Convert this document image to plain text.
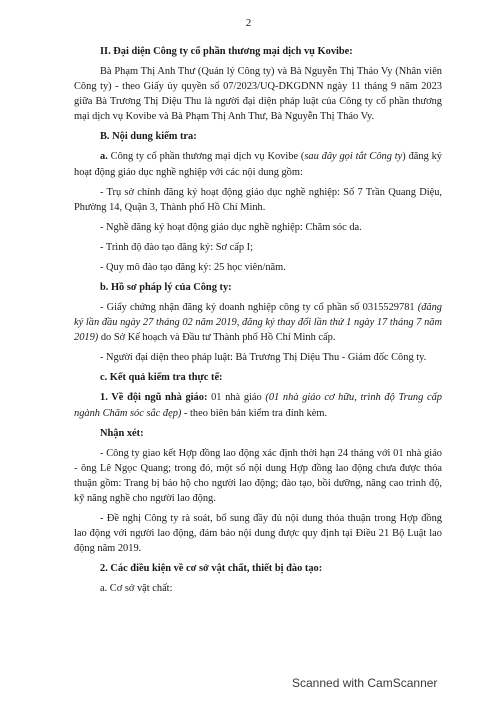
2

II. Đại diện Công ty cổ phần thương mại dịch vụ Kovibe:

Bà Phạm Thị Anh Thư (Quản lý Công ty) và Bà Nguyễn Thị Thảo Vy (Nhân viên Công ty) - theo Giấy ủy quyền số 07/2023/UQ-DKGDNN ngày 11 tháng 9 năm 2023 giữa Bà Trương Thị Diệu Thu là người đại diện pháp luật của Công ty cổ phần thương mại dịch vụ Kovibe và Bà Phạm Thị Anh Thư, Bà Nguyễn Thị Thảo Vy.

B. Nội dung kiểm tra:

a. Công ty cổ phần thương mại dịch vụ Kovibe (sau đây gọi tắt Công ty) đăng ký hoạt động giáo dục nghề nghiệp với các nội dung gồm:

- Trụ sở chính đăng ký hoạt động giáo dục nghề nghiệp: Số 7 Trần Quang Diệu, Phường 14, Quận 3, Thành phố Hồ Chí Minh.

- Nghề đăng ký hoạt động giáo dục nghề nghiệp: Chăm sóc da.

- Trình độ đào tạo đăng ký: Sơ cấp I;

- Quy mô đào tạo đăng ký: 25 học viên/năm.

b. Hồ sơ pháp lý của Công ty:

- Giấy chứng nhận đăng ký doanh nghiệp công ty cổ phần số 0315529781 (đăng ký lần đầu ngày 27 tháng 02 năm 2019, đăng ký thay đổi lần thứ 1 ngày 17 tháng 7 năm 2019) do Sở Kế hoạch và Đầu tư Thành phố Hồ Chí Minh cấp.

- Người đại diện theo pháp luật: Bà Trương Thị Diệu Thu - Giám đốc Công ty.

c. Kết quả kiểm tra thực tế:

1. Về đội ngũ nhà giáo: 01 nhà giáo (01 nhà giáo cơ hữu, trình độ Trung cấp ngành Chăm sóc sắc đẹp) - theo biên bản kiểm tra đính kèm.

Nhận xét:

- Công ty giao kết Hợp đồng lao động xác định thời hạn 24 tháng với 01 nhà giáo - ông Lê Ngọc Quang; trong đó, một số nội dung Hợp đồng lao động chưa được thỏa thuận gồm: Trang bị bảo hộ cho người lao động; đào tạo, bồi dưỡng, nâng cao trình độ, kỹ năng nghề cho người lao động.

- Đề nghị Công ty rà soát, bổ sung đầy đủ nội dung thỏa thuận trong Hợp đồng lao động với người lao động, đảm bảo nội dung được quy định tại Điều 21 Bộ Luật lao động năm 2019.

2. Các điều kiện về cơ sở vật chất, thiết bị đào tạo:

a. Cơ sở vật chất:

Scanned with CamScanner
